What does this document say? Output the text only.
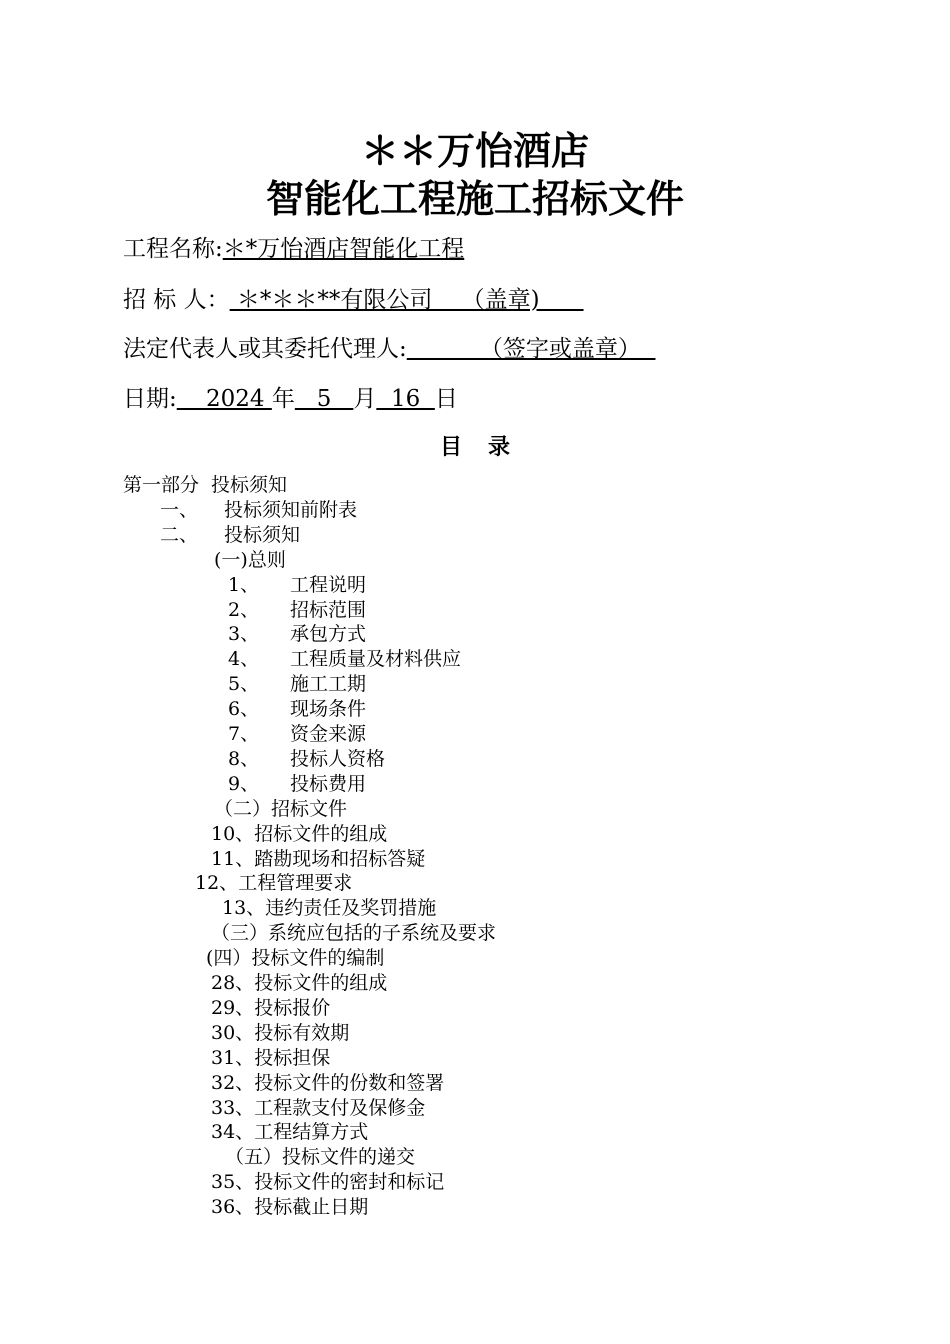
＊＊万怡酒店
智能化工程施工招标文件
工程名称:＊*万怡酒店智能化工程
招 标 人： ＊*＊＊**有限公司    （盖章)
法定代表人或其委托代理人:          （签字或盖章）
日期:    2024 年   5   月  16  日
目录
第一部分 投标须知
一、 投标须知前附表
二、 投标须知
(一)总则
1、 工程说明
2、 招标范围
3、 承包方式
4、 工程质量及材料供应
5、 施工工期
6、 现场条件
7、 资金来源
8、 投标人资格
9、 投标费用
（二）招标文件
10、招标文件的组成
11、踏勘现场和招标答疑
12、工程管理要求
13、违约责任及奖罚措施
（三）系统应包括的子系统及要求
(四）投标文件的编制
28、投标文件的组成
29、投标报价
30、投标有效期
31、投标担保
32、投标文件的份数和签署
33、工程款支付及保修金
34、工程结算方式
（五）投标文件的递交
35、投标文件的密封和标记
36、投标截止日期
